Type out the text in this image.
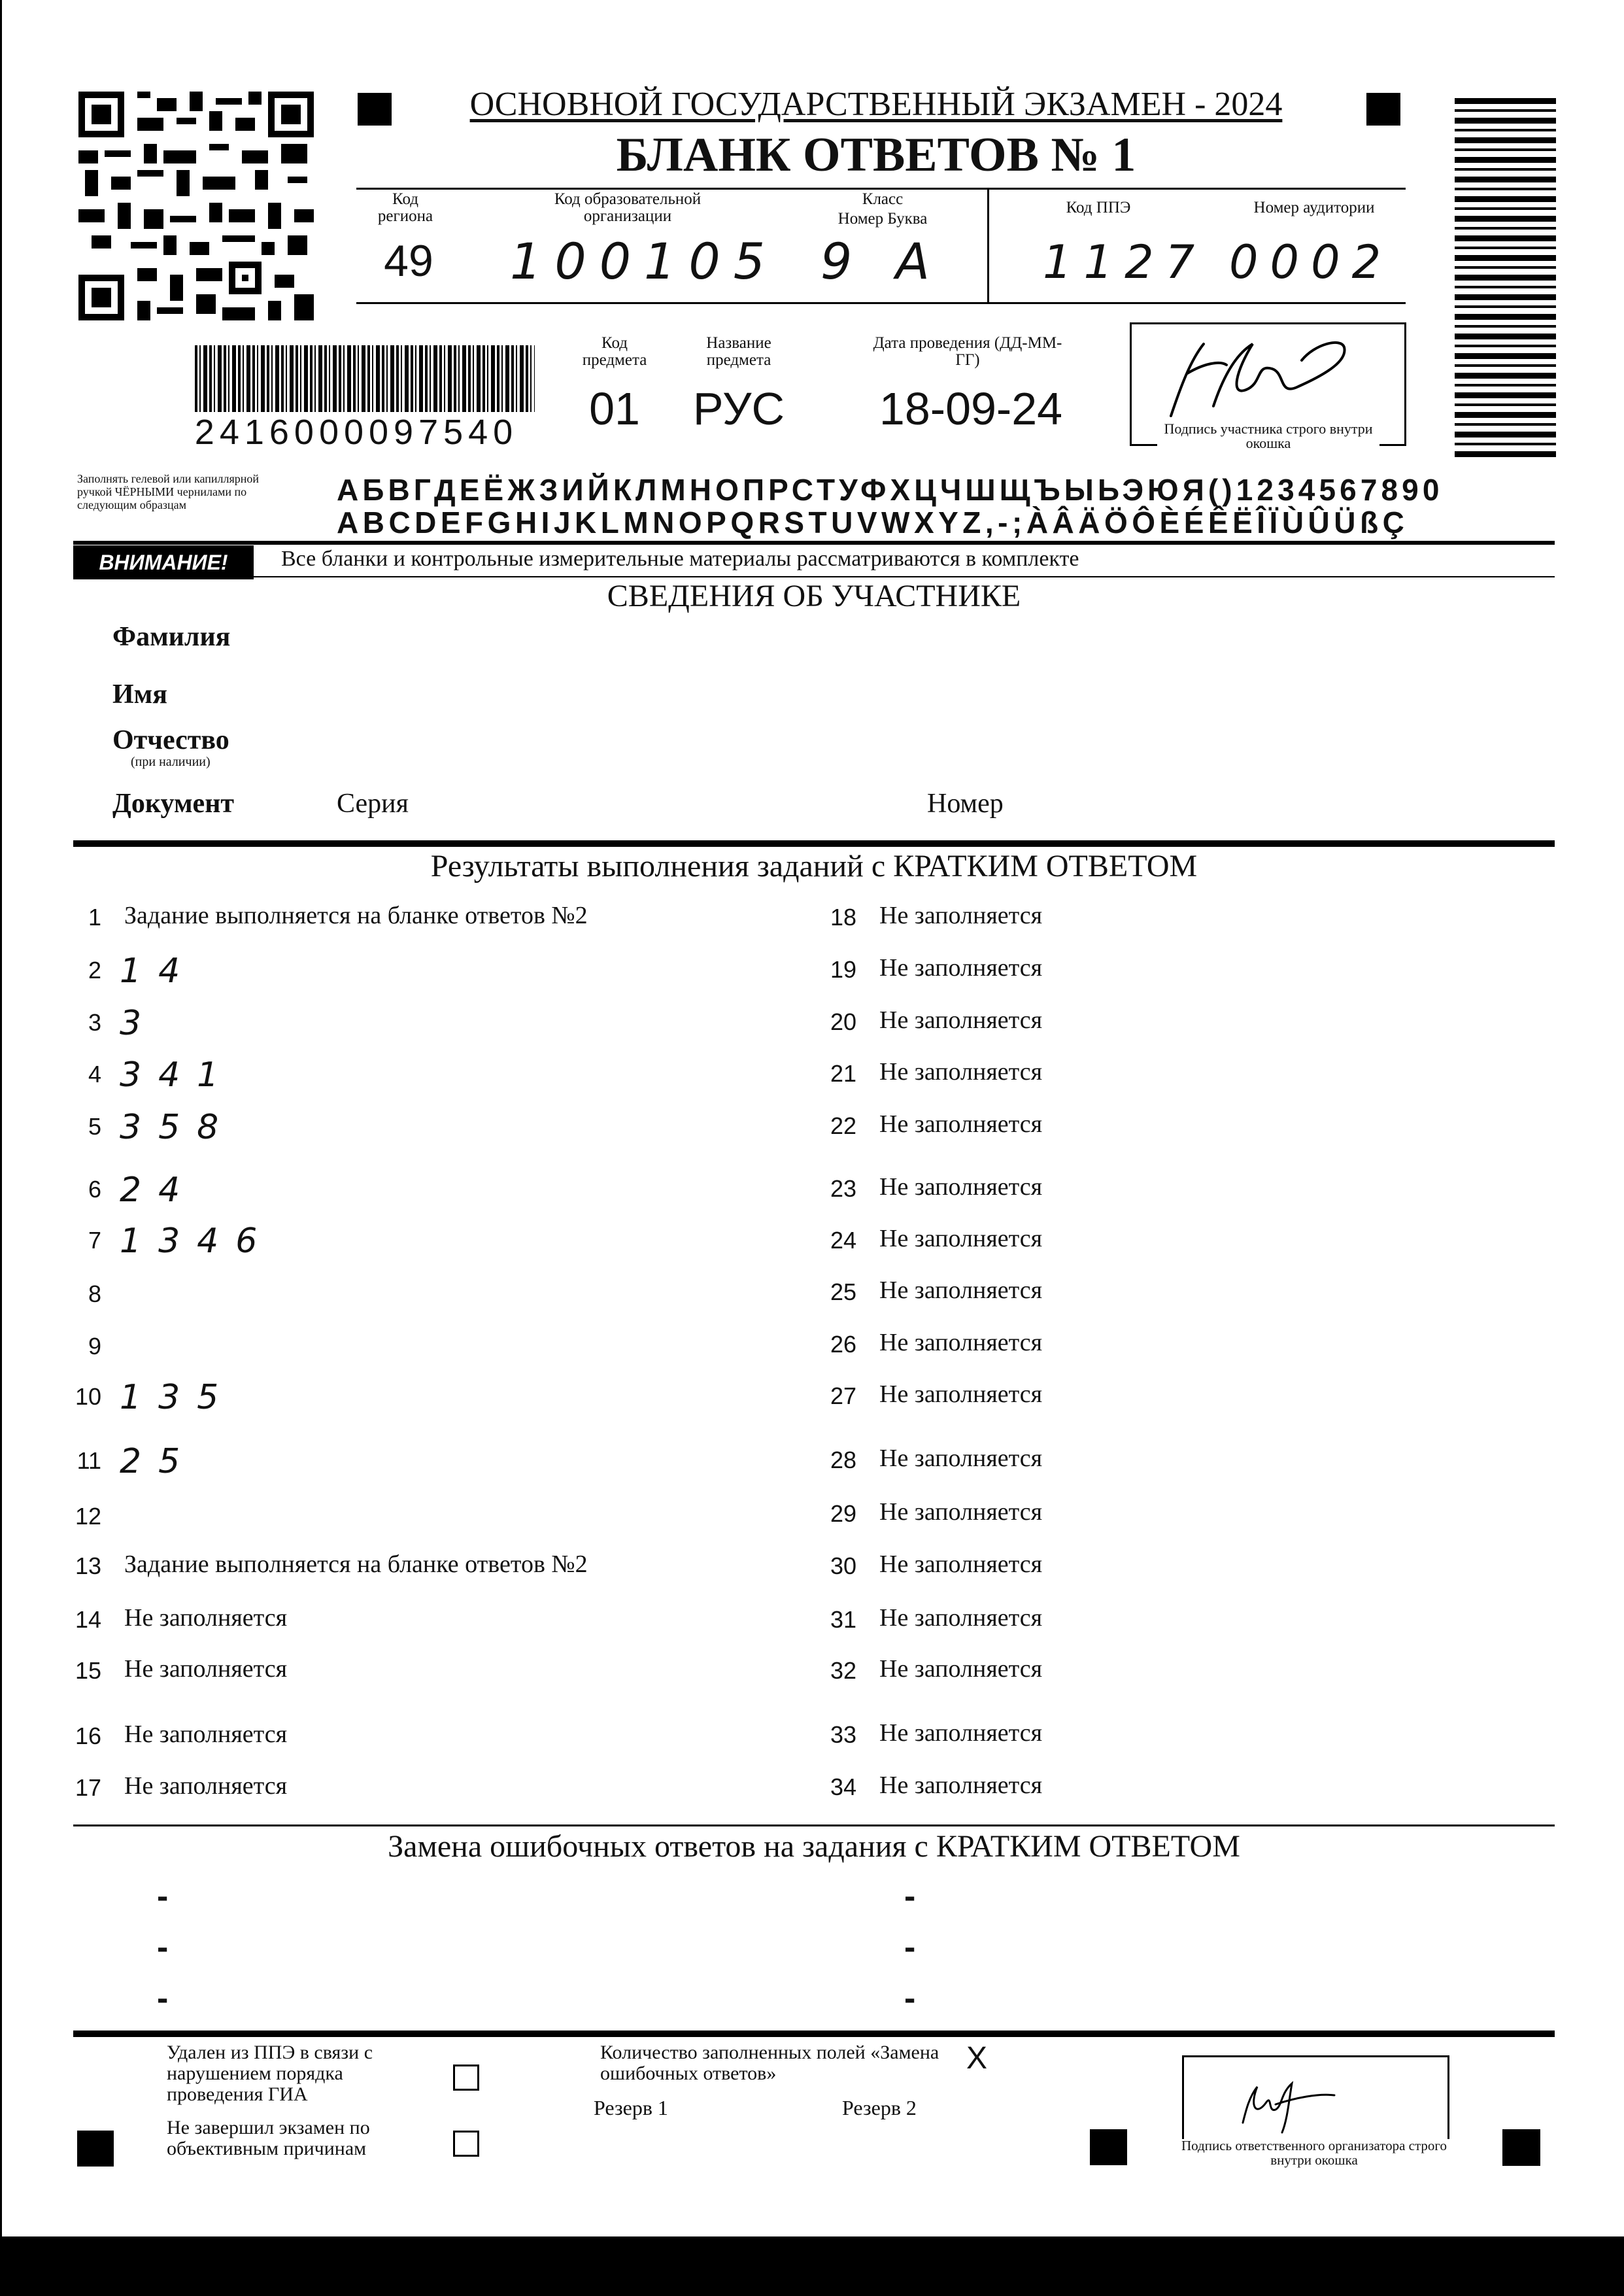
ОСНОВНОЙ ГОСУДАРСТВЕННЫЙ ЭКЗАМЕН - 2024
БЛАНК ОТВЕТОВ № 1
Код региона
49
Код образовательной организации
100105
Класс
Номер Буква
9 А
Код ППЭ
1127
Номер аудитории
0002
2416000097540
Код предмета
01
Название предмета
РУС
Дата проведения (ДД-ММ-ГГ)
18-09-24	Подпись участника строго внутри окошка
Заполнять гелевой или капиллярной ручкой ЧЁРНЫМИ чернилами по следующим образцам	АБВГДЕЁЖЗИЙКЛМНОПРСТУФХЦЧШЩЪЫЬЭЮЯ()1234567890
ABCDEFGHIJKLMNOPQRSTUVWXYZ,-;ÀÂÄÖÔÈÉÊËÎÏÙÛÜßÇ
ВНИМАНИЕ!	Все бланки и контрольные измерительные материалы рассматриваются в комплекте
СВЕДЕНИЯ ОБ УЧАСТНИКЕ
Фамилия
Имя
Отчество
(при наличии)
Документ	Серия	Номер
Результаты выполнения заданий с КРАТКИМ ОТВЕТОМ
1 Задание выполняется на бланке ответов №2
2 14
3 3
4 341
5 358
6 24
7 1346
8
9
10 135
11 25
12
13 Задание выполняется на бланке ответов №2
14 Не заполняется
15 Не заполняется
16 Не заполняется
17 Не заполняется
18 Не заполняется
19 Не заполняется
20 Не заполняется
21 Не заполняется
22 Не заполняется
23 Не заполняется
24 Не заполняется
25 Не заполняется
26 Не заполняется
27 Не заполняется
28 Не заполняется
29 Не заполняется
30 Не заполняется
31 Не заполняется
32 Не заполняется
33 Не заполняется
34 Не заполняется
Замена ошибочных ответов на задания с КРАТКИМ ОТВЕТОМ
-
-
-
-
-
-
Удален из ППЭ в связи с нарушением порядка проведения ГИА
Не завершил экзамен по объективным причинам
Количество заполненных полей «Замена ошибочных ответов»	X
Резерв 1	Резерв 2
Подпись ответственного организатора строго внутри окошка
